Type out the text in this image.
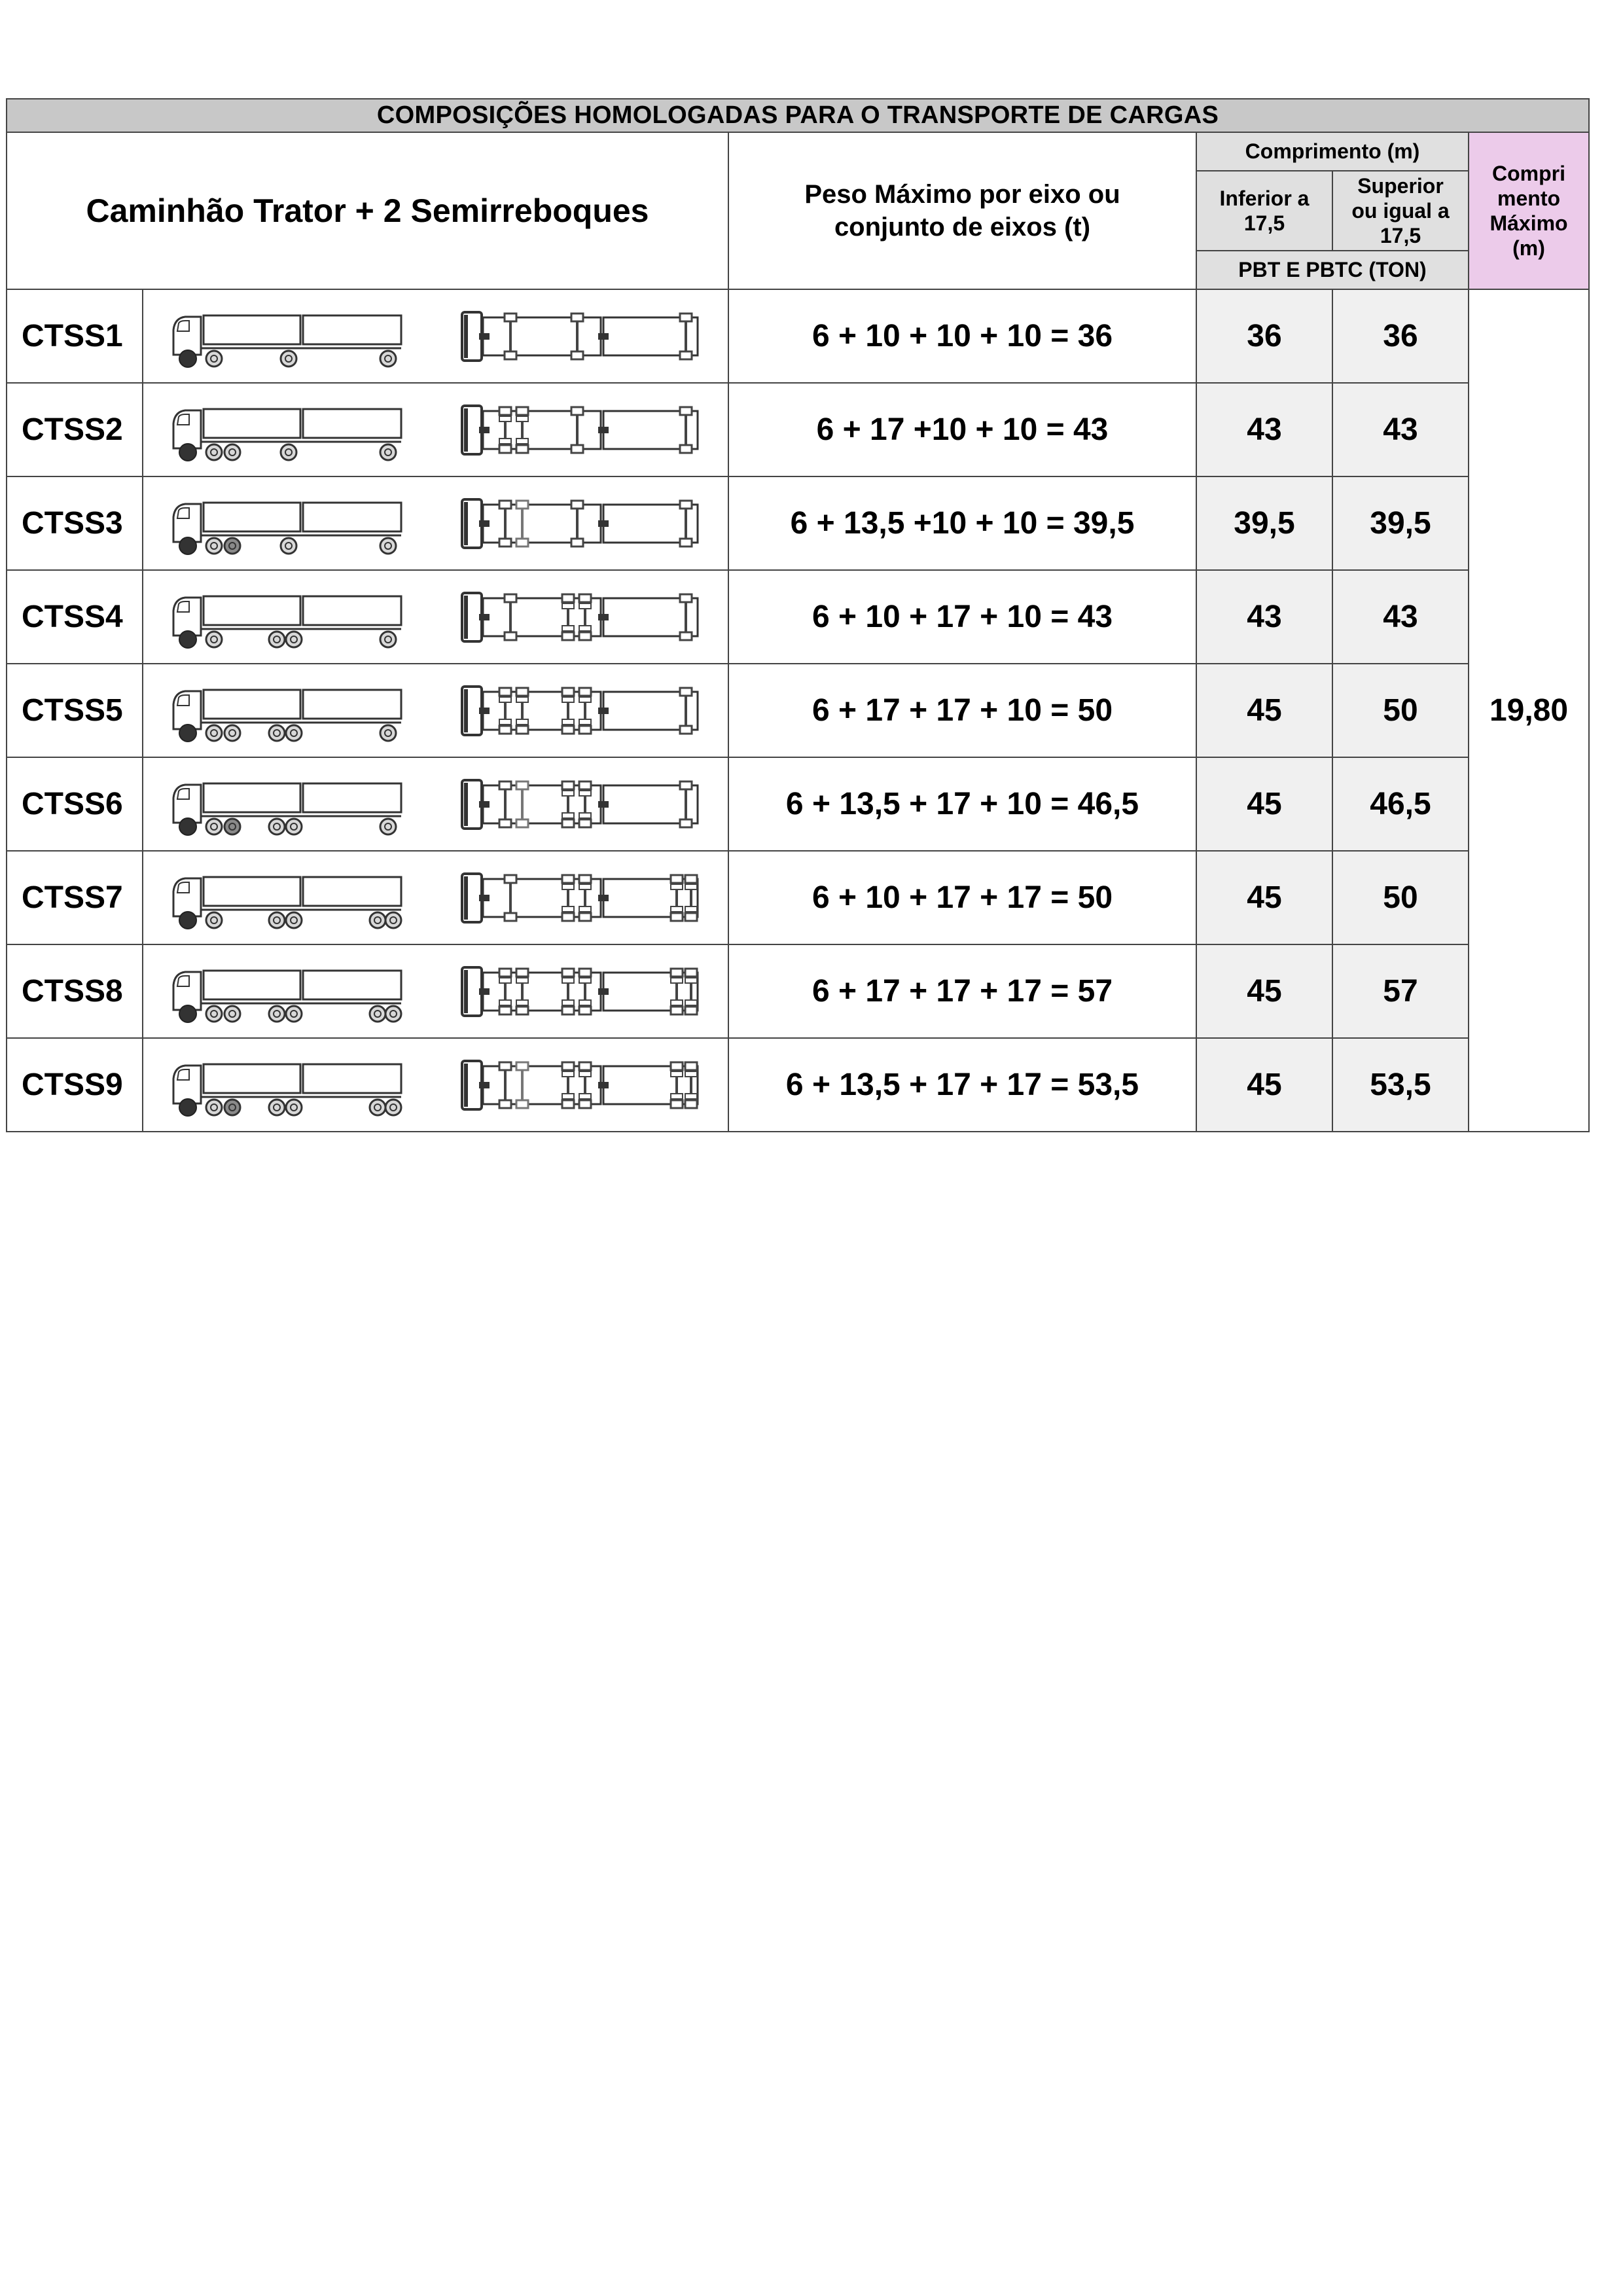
COMPOSIÇÕES HOMOLOGADAS PARA O TRANSPORTE DE CARGAS					
Caminhão Trator + 2 Semirreboques		Peso Máximo por eixo ou conjunto de eixos (t)	Comprimento (m)		Compri mento Máximo (m)

			Inferior a 17,5	Superior ou igual a 17,5	

			PBT E PBTC (TON)		
CTSS1		6 + 10 + 10 + 10 = 36	36	36	19,80
CTSS2		6 + 17 +10 + 10 = 43	43	43	
CTSS3		6 + 13,5 +10 + 10 = 39,5	39,5	39,5	
CTSS4		6 + 10 + 17 + 10 = 43	43	43	
CTSS5		6 + 17 + 17 + 10 = 50	45	50	
CTSS6		6 + 13,5 + 17 + 10 = 46,5	45	46,5	
CTSS7		6 + 10 + 17 + 17 = 50	45	50	
CTSS8		6 + 17 + 17 + 17 = 57	45	57	
CTSS9		6 + 13,5 + 17 + 17 = 53,5	45	53,5	
